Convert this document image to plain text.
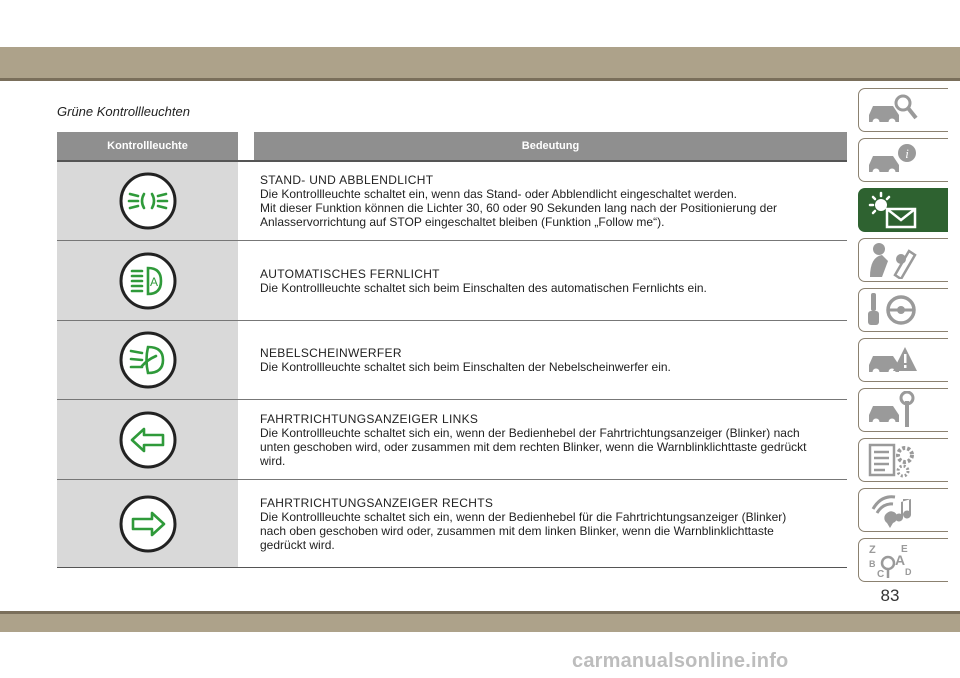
Grüne Kontrollleuchten
Kontrollleuchte	Bedeutung
STAND- UND ABBLENDLICHT
Die Kontrollleuchte schaltet ein, wenn das Stand- oder Abblendlicht eingeschaltet werden.
Mit dieser Funktion können die Lichter 30, 60 oder 90 Sekunden lang nach der Positionierung der
Anlasservorrichtung auf STOP eingeschaltet bleiben (Funktion „Follow me“).
A
AUTOMATISCHES FERNLICHT
Die Kontrollleuchte schaltet sich beim Einschalten des automatischen Fernlichts ein.
NEBELSCHEINWERFER
Die Kontrollleuchte schaltet sich beim Einschalten der Nebelscheinwerfer ein.
FAHRTRICHTUNGSANZEIGER LINKS
Die Kontrollleuchte schaltet sich ein, wenn der Bedienhebel der Fahrtrichtungsanzeiger (Blinker) nach
unten geschoben wird, oder zusammen mit dem rechten Blinker, wenn die Warnblinklichttaste gedrückt
wird.
FAHRTRICHTUNGSANZEIGER RECHTS
Die Kontrollleuchte schaltet sich ein, wenn der Bedienhebel für die Fahrtrichtungsanzeiger (Blinker)
nach oben geschoben wird oder, zusammen mit dem linken Blinker, wenn die Warnblinklichttaste
gedrückt wird.
i
Z	E
B A
C D
83
carmanualsonline.info
